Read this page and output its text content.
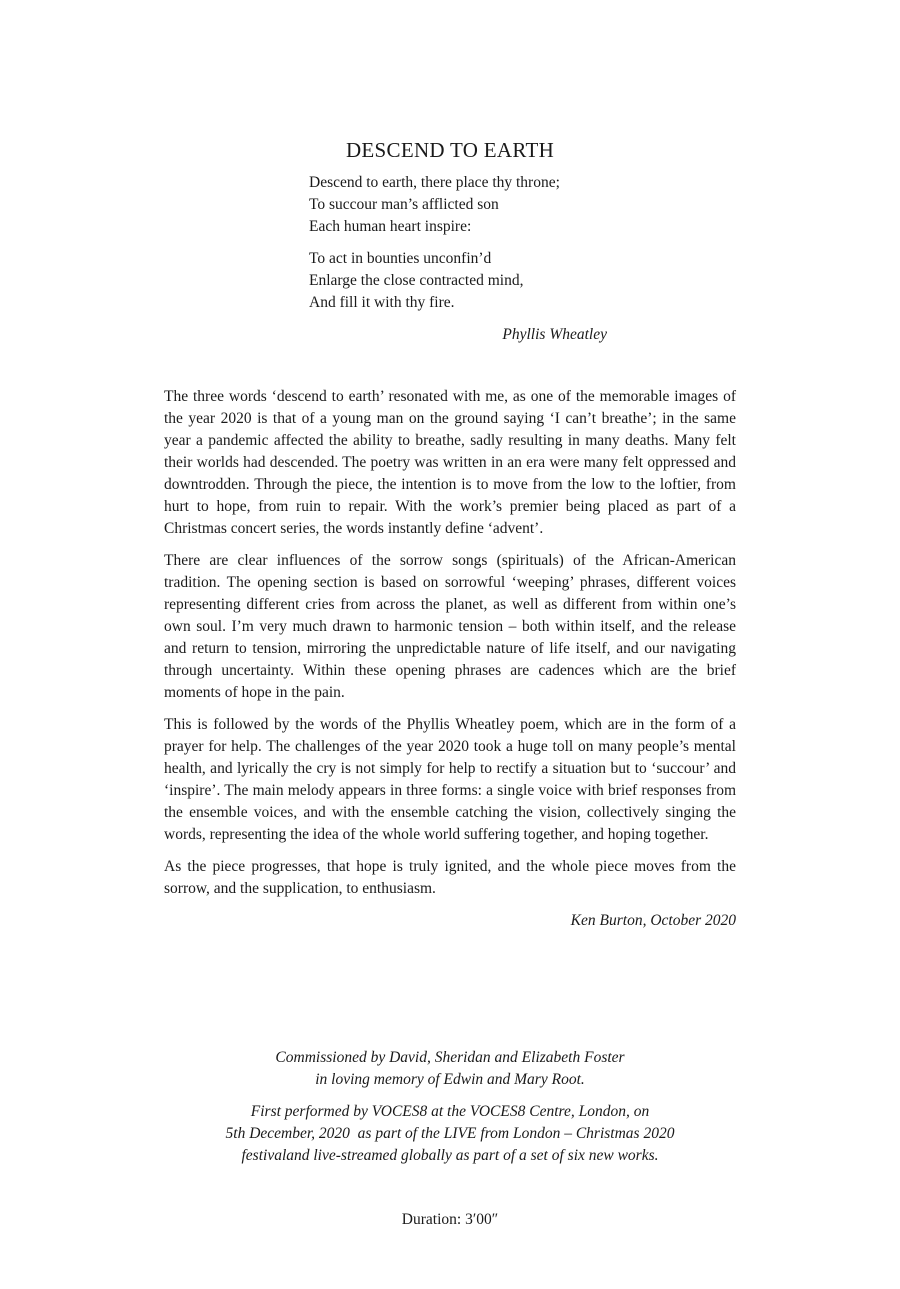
DESCEND TO EARTH
Descend to earth, there place thy throne;
To succour man’s afflicted son
Each human heart inspire:
To act in bounties unconfin’d
Enlarge the close contracted mind,
And fill it with thy fire.
Phyllis Wheatley

The three words ‘descend to earth’ resonated with me, as one of the memorable images of the year 2020 is that of a young man on the ground saying ‘I can’t breathe’; in the same year a pandemic affected the ability to breathe, sadly resulting in many deaths. Many felt their worlds had descended. The poetry was written in an era were many felt oppressed and downtrodden. Through the piece, the intention is to move from the low to the loftier, from hurt to hope, from ruin to repair. With the work’s premier being placed as part of a Christmas concert series, the words instantly define ‘advent’.

There are clear influences of the sorrow songs (spirituals) of the African-American tradition. The opening section is based on sorrowful ‘weeping’ phrases, different voices representing different cries from across the planet, as well as different from within one’s own soul. I’m very much drawn to harmonic tension – both within itself, and the release and return to tension, mirroring the unpredictable nature of life itself, and our navigating through uncertainty. Within these opening phrases are cadences which are the brief moments of hope in the pain.

This is followed by the words of the Phyllis Wheatley poem, which are in the form of a prayer for help. The challenges of the year 2020 took a huge toll on many people’s mental health, and lyrically the cry is not simply for help to rectify a situation but to ‘succour’ and ‘inspire’. The main melody appears in three forms: a single voice with brief responses from the ensemble voices, and with the ensemble catching the vision, collectively singing the words, representing the idea of the whole world suffering together, and hoping together.

As the piece progresses, that hope is truly ignited, and the whole piece moves from the sorrow, and the supplication, to enthusiasm.

Ken Burton, October 2020
Commissioned by David, Sheridan and Elizabeth Foster
in loving memory of Edwin and Mary Root.
First performed by VOCES8 at the VOCES8 Centre, London, on
5th December, 2020  as part of the LIVE from London – Christmas 2020
festivaland live-streamed globally as part of a set of six new works.
Duration: 3′00″
